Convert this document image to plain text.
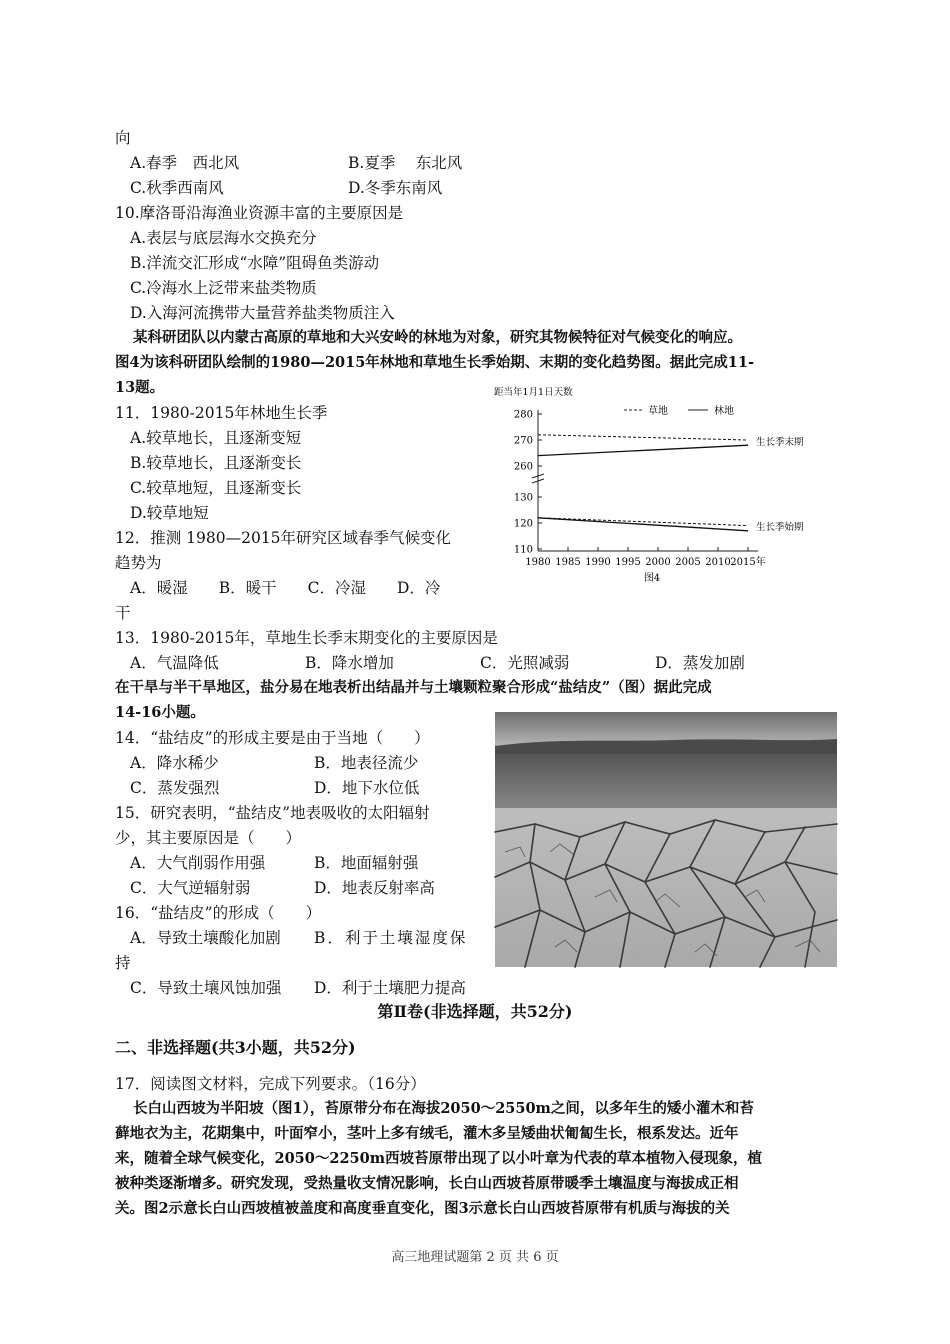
向
A.春季　西北风	B.夏季　 东北风
C.秋季西南风	D.冬季东南风
10.摩洛哥沿海渔业资源丰富的主要原因是
A.表层与底层海水交换充分
B.洋流交汇形成“水障”阻碍鱼类游动
C.冷海水上泛带来盐类物质
D.入海河流携带大量营养盐类物质注入
某科研团队以内蒙古高原的草地和大兴安岭的林地为对象，研究其物候特征对气候变化的响应。
图4为该科研团队绘制的1980—2015年林地和草地生长季始期、末期的变化趋势图。据此完成11-
13题。
11．1980-2015年林地生长季
A.较草地长，且逐渐变短
B.较草地长，且逐渐变长
C.较草地短，且逐渐变长
D.较草地短
12．推测 1980—2015年研究区域春季气候变化
趋势为
A．暖湿　　B．暖干　　C．冷湿　　D．冷
干
距当年1月1日天数
草地	林地
260
270
280
110
120
130
1980 1985 1990 1995 2000 2005 2010 2015年
生长季末期
生长季始期
图4
13．1980-2015年，草地生长季末期变化的主要原因是
A．气温降低	B．降水增加	C．光照减弱	D．蒸发加剧
在干旱与半干旱地区，盐分易在地表析出结晶并与土壤颗粒聚合形成“盐结皮”（图）据此完成
14-16小题。
14．“盐结皮”的形成主要是由于当地（　　）
A．降水稀少	B．地表径流少
C．蒸发强烈	D．地下水位低
15．研究表明，“盐结皮”地表吸收的太阳辐射
少，其主要原因是（　　）
A．大气削弱作用强	B．地面辐射强
C．大气逆辐射弱	D．地表反射率高
16．“盐结皮”的形成（　　）
A．导致土壤酸化加剧 B．利于土壤湿度保
持
C．导致土壤风蚀加强 D．利于土壤肥力提高
第Ⅱ卷(非选择题，共52分)
二、非选择题(共3小题，共52分)
17．阅读图文材料，完成下列要求。（16分）
长白山西坡为半阳坡（图1），苔原带分布在海拔2050～2550m之间，以多年生的矮小灌木和苔
藓地衣为主，花期集中，叶面窄小，茎叶上多有绒毛，灌木多呈矮曲状匍匐生长，根系发达。近年
来，随着全球气候变化，2050～2250m西坡苔原带出现了以小叶章为代表的草本植物入侵现象，植
被种类逐渐增多。研究发现，受热量收支情况影响，长白山西坡苔原带暖季土壤温度与海拔成正相
关。图2示意长白山西坡植被盖度和高度垂直变化，图3示意长白山西坡苔原带有机质与海拔的关
高三地理试题第 2 页 共 6 页
